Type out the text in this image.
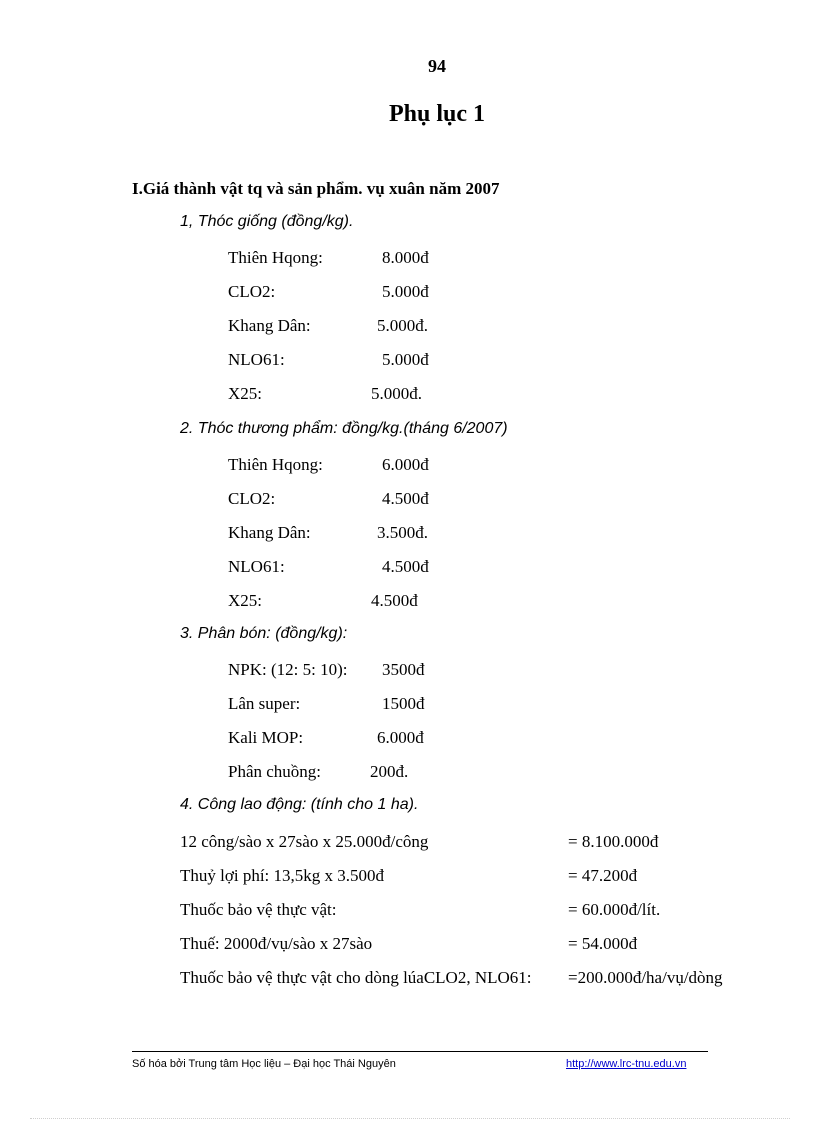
94
Phụ lục 1
I.Giá thành vật tq và sản phẩm. vụ xuân năm 2007
1, Thóc giống (đồng/kg).
Thiên Hqong:	8.000đ
CLO2:	5.000đ
Khang Dân:	5.000đ.
NLO61:	5.000đ
X25:	5.000đ.
2. Thóc thương phẩm: đồng/kg.(tháng 6/2007)
Thiên Hqong:	6.000đ
CLO2:	4.500đ
Khang Dân:	3.500đ.
NLO61:	4.500đ
X25:	4.500đ
3. Phân bón: (đồng/kg):
NPK: (12: 5: 10): 3500đ
Lân super:	1500đ
Kali MOP:	6.000đ
Phân chuồng:	200đ.
4. Công lao động: (tính cho 1 ha).
12 công/sào x 27sào x 25.000đ/công	= 8.100.000đ
Thuỷ lợi phí: 13,5kg x 3.500đ	= 47.200đ
Thuốc bảo vệ thực vật:	= 60.000đ/lít.
Thuế: 2000đ/vụ/sào x 27sào	= 54.000đ
Thuốc bảo vệ thực vật cho dòng lúaCLO2, NLO61: =200.000đ/ha/vụ/dòng
Số hóa bởi Trung tâm Học liệu – Đại học Thái Nguyên	http://www.lrc-tnu.edu.vn
